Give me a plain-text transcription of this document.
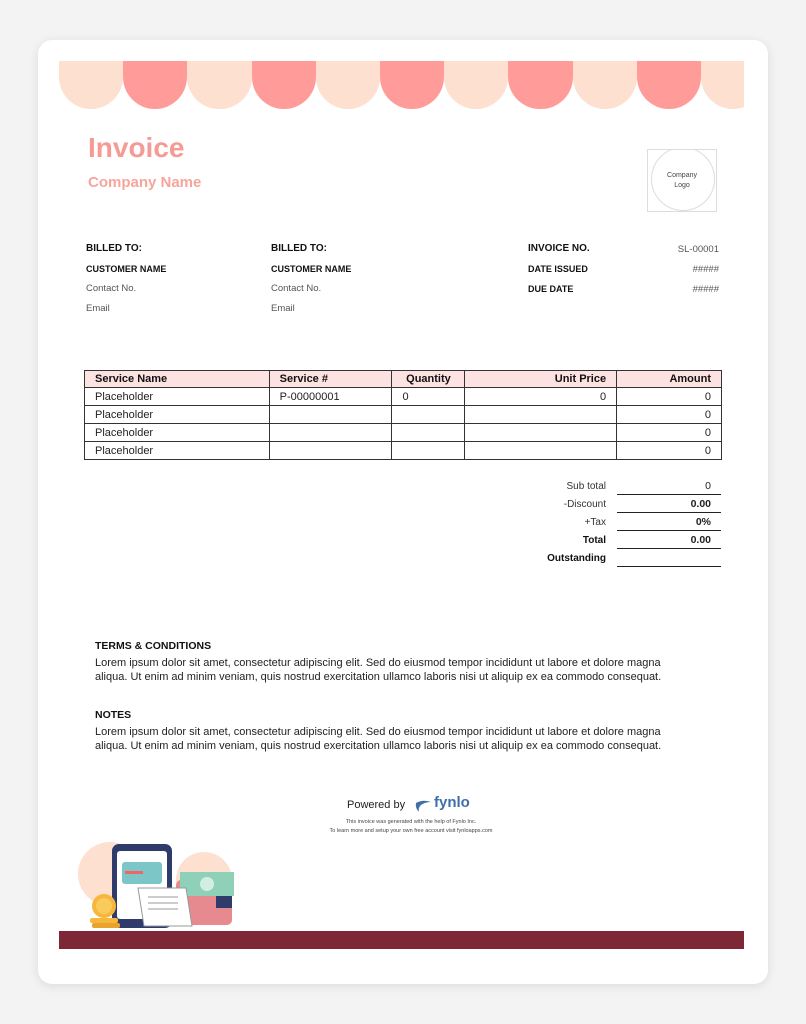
Invoice
Company Name	Company
Logo
BILLED TO:
CUSTOMER NAME
Contact No.
Email
BILLED TO:
CUSTOMER NAME
Contact No.
Email
INVOICE NO.	SL-00001
DATE ISSUED	#####
DUE DATE	#####
Service Name	Service #	Quantity	Unit Price	Amount
Placeholder	P-00000001	0	0	0
Placeholder				0
Placeholder				0
Placeholder				0
Sub total	0
-Discount	0.00
+Tax	0%
Total	0.00
Outstanding
TERMS & CONDITIONS
Lorem ipsum dolor sit amet, consectetur adipiscing elit. Sed do eiusmod tempor incididunt ut labore et dolore magna aliqua. Ut enim ad minim veniam, quis nostrud exercitation ullamco laboris nisi ut aliquip ex ea commodo consequat.
NOTES
Lorem ipsum dolor sit amet, consectetur adipiscing elit. Sed do eiusmod tempor incididunt ut labore et dolore magna aliqua. Ut enim ad minim veniam, quis nostrud exercitation ullamco laboris nisi ut aliquip ex ea commodo consequat.
Powered by fynlo
This invoice was generated with the help of Fynlo Inc.
To learn more and setup your own free account visit fynloapps.com
